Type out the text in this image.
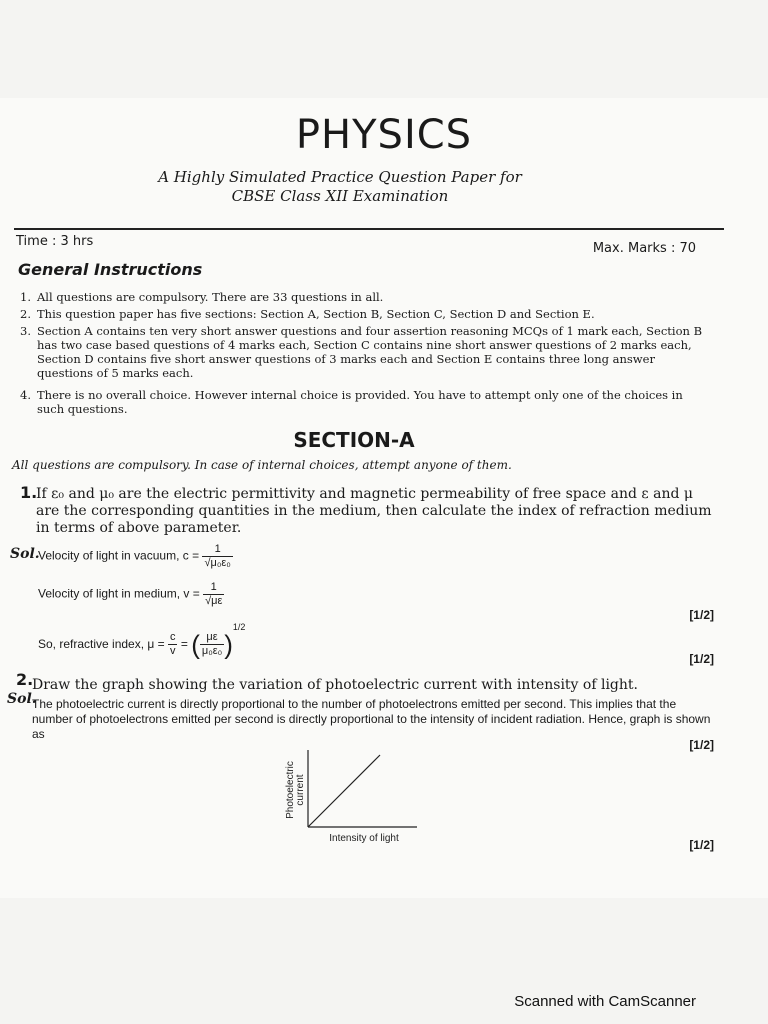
PHYSICS
A Highly Simulated Practice Question Paper for
CBSE Class XII Examination
Time : 3 hrs	Max. Marks : 70
General Instructions
1. All questions are compulsory. There are 33 questions in all.
2. This question paper has five sections: Section A, Section B, Section C, Section D and Section E.
3. Section A contains ten very short answer questions and four assertion reasoning MCQs of 1 mark each, Section B has two case based questions of 4 marks each, Section C contains nine short answer questions of 2 marks each, Section D contains five short answer questions of 3 marks each and Section E contains three long answer questions of 5 marks each.
4. There is no overall choice. However internal choice is provided. You have to attempt only one of the choices in such questions.
SECTION-A
All questions are compulsory. In case of internal choices, attempt anyone of them.
1.
If ε₀ and μ₀ are the electric permittivity and magnetic permeability of free space and ε and μ are the corresponding quantities in the medium, then calculate the index of refraction medium in terms of above parameter.
Sol.
Velocity of light in vacuum, $c = \frac{1}{\text{√μ₀ε₀}}$
Velocity of light in medium, $v = \frac{1}{√\mu\varepsilon}$
[1/2]
So, refractive index, $\mu = \frac{c}{v}$ = ( $\frac{\mu\varepsilon}{\text{μ₀ε₀}} )^{1/2}$
[1/2]
2.
Draw the graph showing the variation of photoelectric current with intensity of light.
Sol.
The photoelectric current is directly proportional to the number of photoelectrons emitted per second. This implies that the number of photoelectrons emitted per second is directly proportional to the intensity of incident radiation. Hence, graph is shown as
[1/2]
Photoelectric current
Intensity of light	[1/2]
Scanned with CamScanner
